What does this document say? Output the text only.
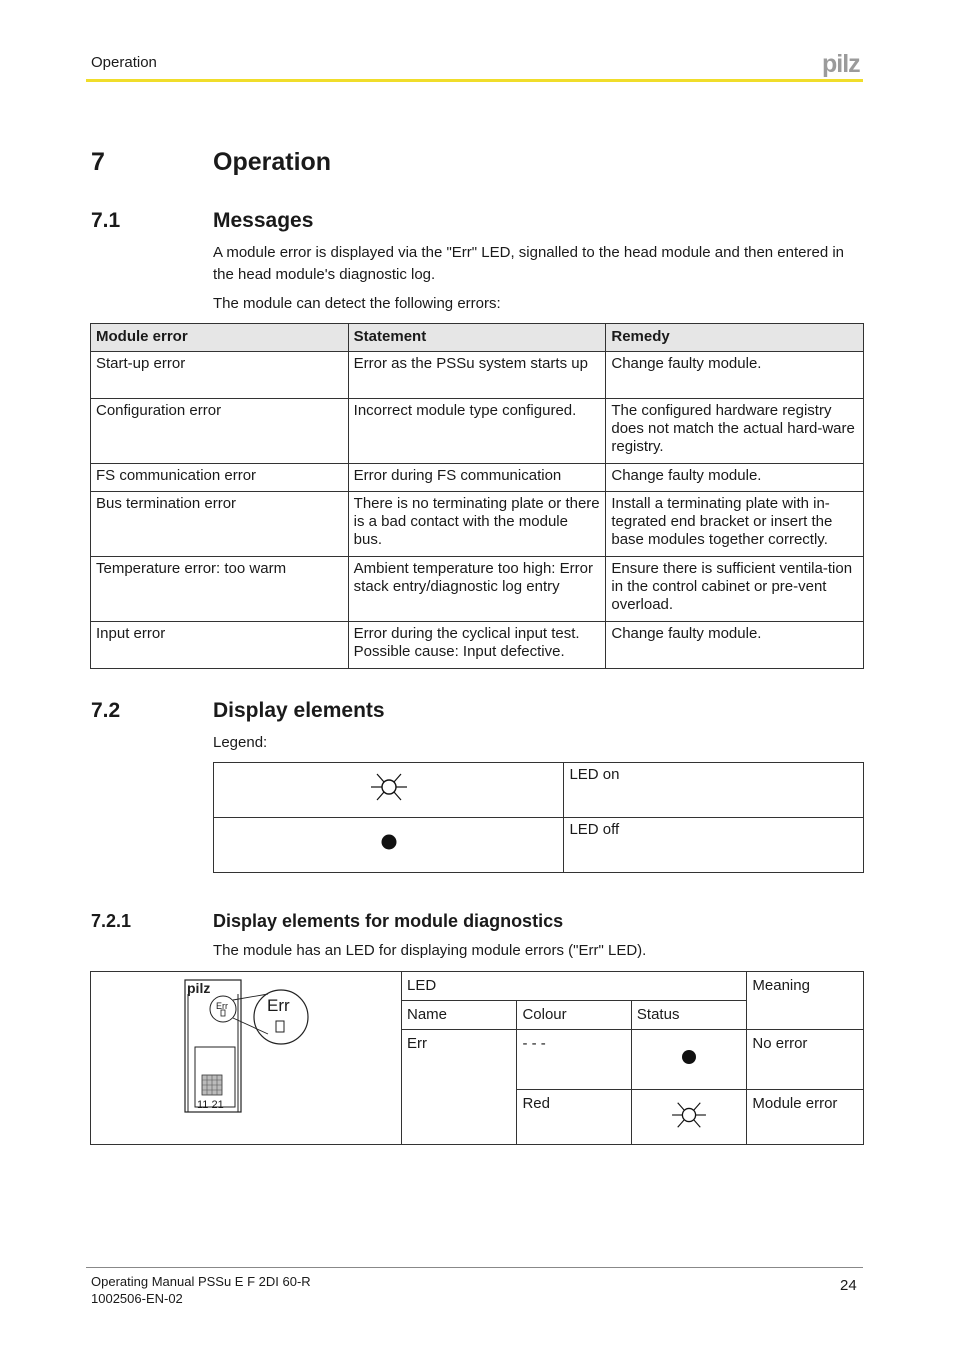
Operation	pilz
7	Operation
7.1	Messages
A module error is displayed via the "Err" LED, signalled to the head module and then entered in the head module's diagnostic log.
The module can detect the following errors:
Module error	Statement	Remedy
Start-up error	Error as the PSSu system starts up	Change faulty module.
Configuration error	Incorrect module type configured.	The configured hardware registry does not match the actual hard-ware registry.
FS communication error	Error during FS communication	Change faulty module.
Bus termination error	There is no terminating plate or there is a bad contact with the module bus.	Install a terminating plate with in-tegrated end bracket or insert the base modules together correctly.
Temperature error: too warm	Ambient temperature too high: Error stack entry/diagnostic log entry	Ensure there is sufficient ventila-tion in the control cabinet or pre-vent overload.
Input error	Error during the cyclical input test. Possible cause: Input defective.	Change faulty module.
7.2	Display elements
Legend:
	LED on
	LED off
7.2.1	Display elements for module diagnostics
The module has an LED for displaying module errors ("Err" LED).
pilz
Err Err
11 21	LED			Meaning
	Name	Colour	Status	
	Err	- - -		No error
		Red		Module error
Operating Manual PSSu E F 2DI 60-R
1002506-EN-02
24
